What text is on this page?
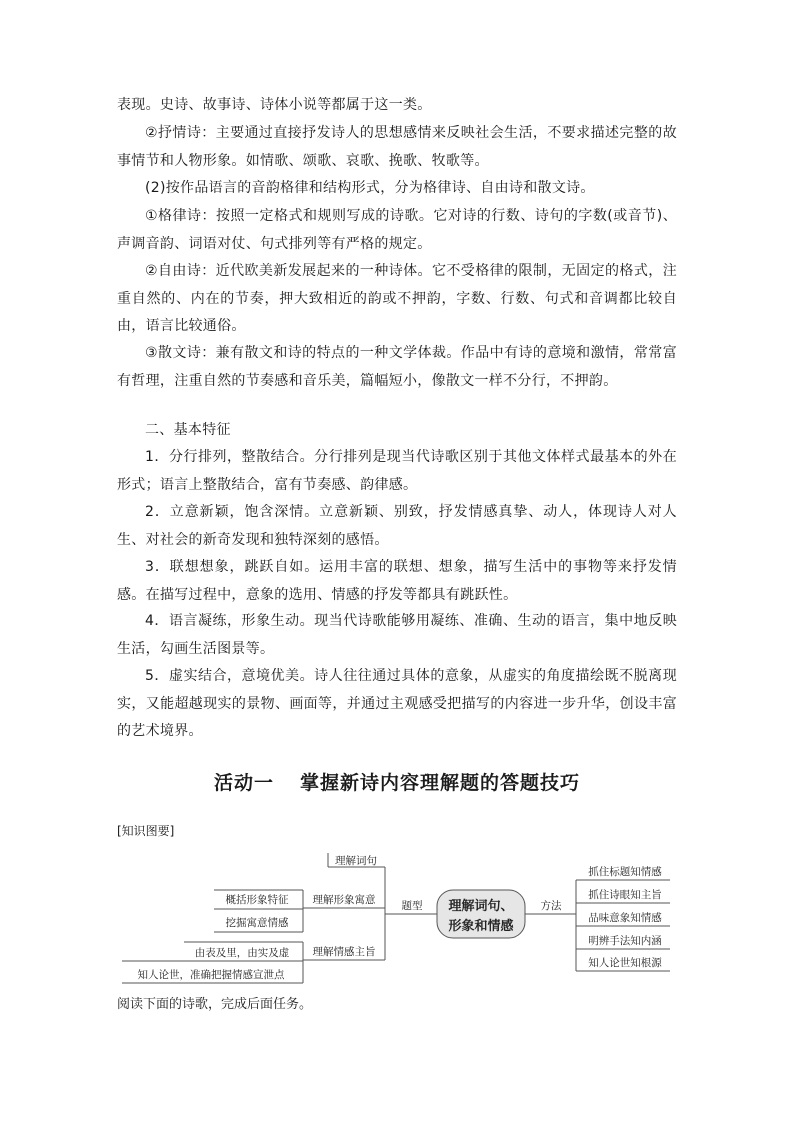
表现。史诗、故事诗、诗体小说等都属于这一类。

②抒情诗：主要通过直接抒发诗人的思想感情来反映社会生活，不要求描述完整的故事情节和人物形象。如情歌、颂歌、哀歌、挽歌、牧歌等。

(2)按作品语言的音韵格律和结构形式，分为格律诗、自由诗和散文诗。

①格律诗：按照一定格式和规则写成的诗歌。它对诗的行数、诗句的字数(或音节)、声调音韵、词语对仗、句式排列等有严格的规定。

②自由诗：近代欧美新发展起来的一种诗体。它不受格律的限制，无固定的格式，注重自然的、内在的节奏，押大致相近的韵或不押韵，字数、行数、句式和音调都比较自由，语言比较通俗。

③散文诗：兼有散文和诗的特点的一种文学体裁。作品中有诗的意境和激情，常常富有哲理，注重自然的节奏感和音乐美，篇幅短小，像散文一样不分行，不押韵。

二、基本特征

1．分行排列，整散结合。分行排列是现当代诗歌区别于其他文体样式最基本的外在形式；语言上整散结合，富有节奏感、韵律感。

2．立意新颖，饱含深情。立意新颖、别致，抒发情感真挚、动人，体现诗人对人生、对社会的新奇发现和独特深刻的感悟。

3．联想想象，跳跃自如。运用丰富的联想、想象，描写生活中的事物等来抒发情感。在描写过程中，意象的选用、情感的抒发等都具有跳跃性。

4．语言凝练，形象生动。现当代诗歌能够用凝练、准确、生动的语言，集中地反映生活，勾画生活图景等。

5．虚实结合，意境优美。诗人往往通过具体的意象，从虚实的角度描绘既不脱离现实，又能超越现实的景物、画面等，并通过主观感受把描写的内容进一步升华，创设丰富的艺术境界。

活动一 掌握新诗内容理解题的答题技巧
[知识图要]
理解词句、
形象和情感
题型
理解词句
理解形象寓意
理解情感主旨
概括形象特征
挖掘寓意情感
由表及里，由实及虚
知人论世，准确把握情感宣泄点
方法
抓住标题知情感
抓住诗眼知主旨
品味意象知情感
明辨手法知内涵
知人论世知根源
阅读下面的诗歌，完成后面任务。
